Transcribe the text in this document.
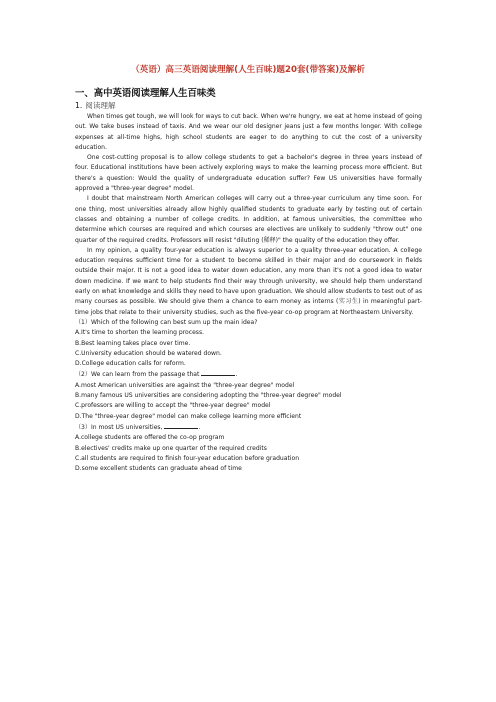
（英语）高三英语阅读理解(人生百味)题20套(带答案)及解析
一、高中英语阅读理解人生百味类
1. 阅读理解

When times get tough, we will look for ways to cut back. When we're hungry, we eat at home instead of going out. We take buses instead of taxis. And we wear our old designer jeans just a few months longer. With college expenses at all-time highs, high school students are eager to do anything to cut the cost of a university education.

One cost-cutting proposal is to allow college students to get a bachelor's degree in three years instead of four. Educational institutions have been actively exploring ways to make the learning process more efficient. But there's a question: Would the quality of undergraduate education suffer? Few US universities have formally approved a "three-year degree" model.

I doubt that mainstream North American colleges will carry out a three-year curriculum any time soon. For one thing, most universities already allow highly qualified students to graduate early by testing out of certain classes and obtaining a number of college credits. In addition, at famous universities, the committee who determine which courses are required and which courses are electives are unlikely to suddenly "throw out" one quarter of the required credits. Professors will resist "diluting (稀释)" the quality of the education they offer.

In my opinion, a quality four-year education is always superior to a quality three-year education. A college education requires sufficient time for a student to become skilled in their major and do coursework in fields outside their major. It is not a good idea to water down education, any more than it's not a good idea to water down medicine. If we want to help students find their way through university, we should help them understand early on what knowledge and skills they need to have upon graduation. We should allow students to test out of as many courses as possible. We should give them a chance to earn money as interns (实习生) in meaningful part-time jobs that relate to their university studies, such as the five-year co-op program at Northeastern University.

（1）Which of the following can best sum up the main idea?

A.It's time to shorten the learning process.

B.Best learning takes place over time.

C.University education should be watered down.

D.College education calls for reform.

（2）We can learn from the passage that	.

A.most American universities are against the "three-year degree" model

B.many famous US universities are considering adopting the "three-year degree" model

C.professors are willing to accept the "three-year degree" model

D.The "three-year degree" model can make college learning more efficient

（3）In most US universities,	.

A.college students are offered the co-op program

B.electives' credits make up one quarter of the required credits

C.all students are required to finish four-year education before graduation

D.some excellent students can graduate ahead of time
